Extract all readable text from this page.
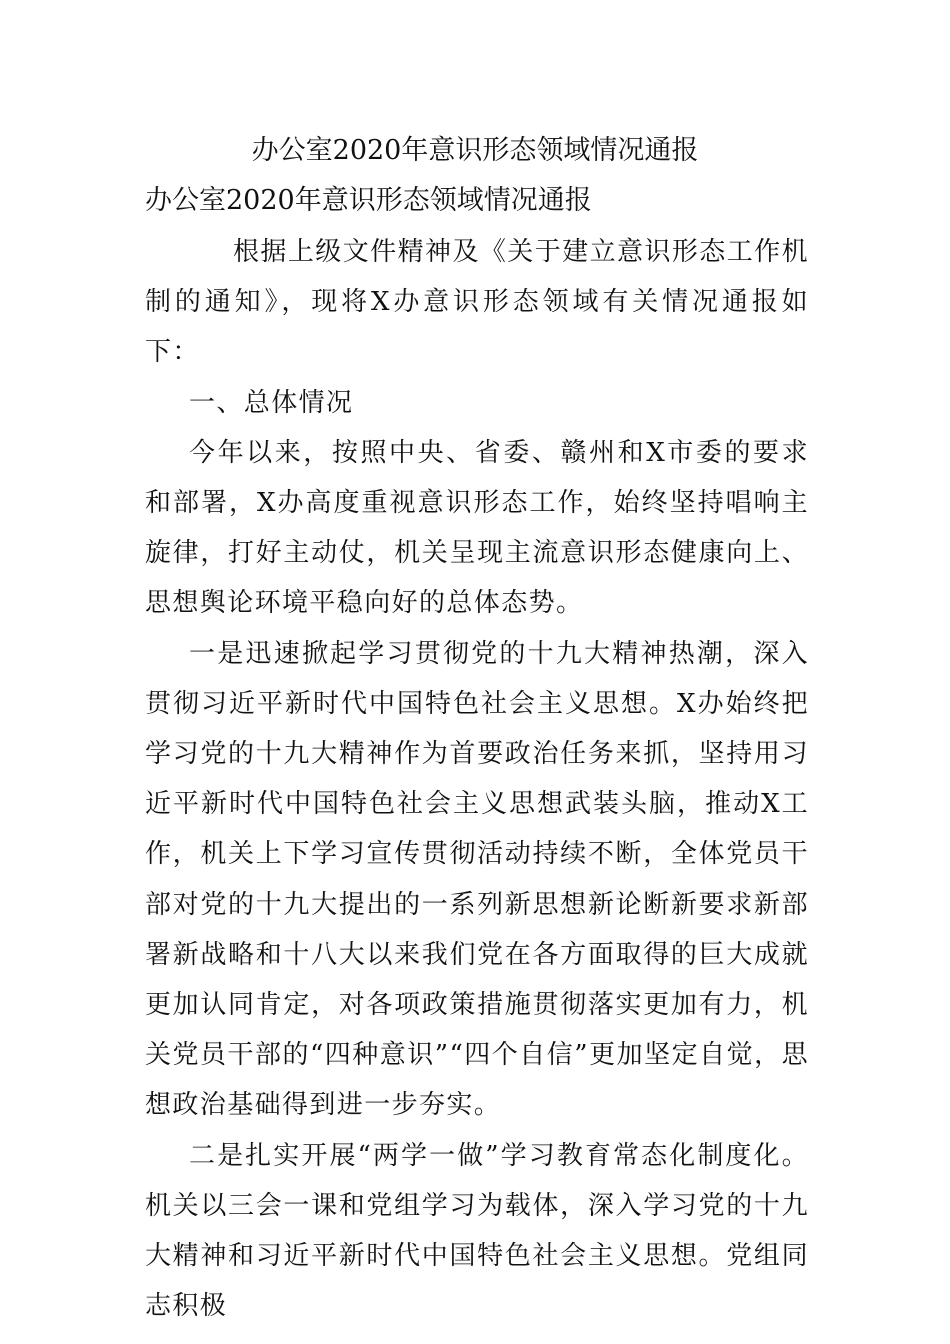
办公室2020年意识形态领域情况通报
办公室2020年意识形态领域情况通报

根据上级文件精神及《关于建立意识形态工作机制的通知》，现将X办意识形态领域有关情况通报如下：

一、总体情况

今年以来，按照中央、省委、赣州和X市委的要求和部署，X办高度重视意识形态工作，始终坚持唱响主旋律，打好主动仗，机关呈现主流意识形态健康向上、思想舆论环境平稳向好的总体态势。

一是迅速掀起学习贯彻党的十九大精神热潮，深入贯彻习近平新时代中国特色社会主义思想。X办始终把学习党的十九大精神作为首要政治任务来抓，坚持用习近平新时代中国特色社会主义思想武装头脑，推动X工作，机关上下学习宣传贯彻活动持续不断，全体党员干部对党的十九大提出的一系列新思想新论断新要求新部署新战略和十八大以来我们党在各方面取得的巨大成就更加认同肯定，对各项政策措施贯彻落实更加有力，机关党员干部的“四种意识”“四个自信”更加坚定自觉，思想政治基础得到进一步夯实。

二是扎实开展“两学一做”学习教育常态化制度化。机关以三会一课和党组学习为载体，深入学习党的十九大精神和习近平新时代中国特色社会主义思想。党组同志积极
